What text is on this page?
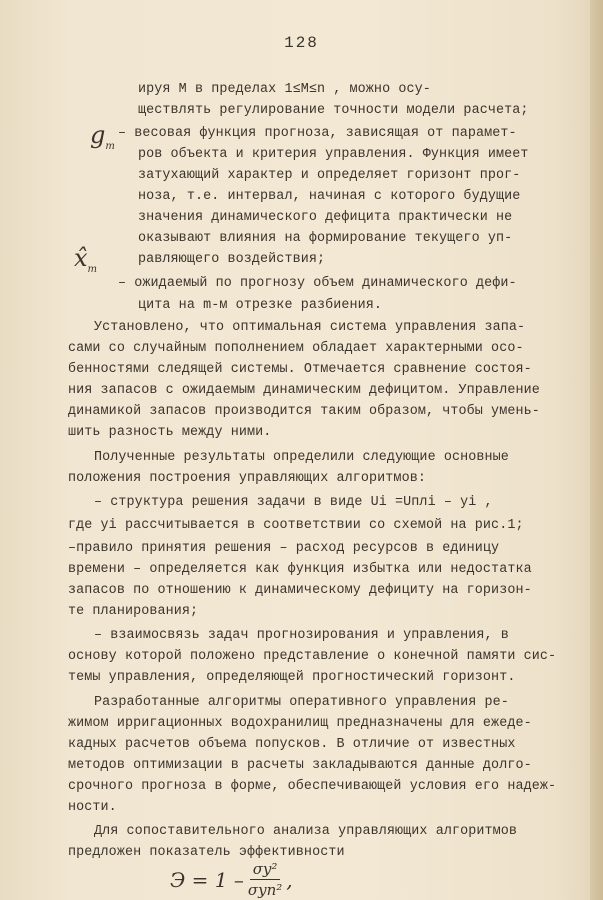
128
$g_m$
$x̂_m$
ируя M в пределах 1≤M≤n , можно осу-
ществлять регулирование точности модели расчета;
– весовая функция прогноза, зависящая от парамет-
ров объекта и критерия управления. Функция имеет
затухающий характер и определяет горизонт прог-
ноза, т.е. интервал, начиная с которого будущие
значения динамического дефицита практически не
оказывают влияния на формирование текущего уп-
равляющего воздействия;
– ожидаемый по прогнозу объем динамического дефи-
цита на m-м отрезке разбиения.
Установлено, что оптимальная система управления запа-
сами со случайным пополнением обладает характерными осо-
бенностями следящей системы. Отмечается сравнение состоя-
ния запасов с ожидаемым динамическим дефицитом. Управление
динамикой запасов производится таким образом, чтобы умень-
шить разность между ними.
Полученные результаты определили следующие основные
положения построения управляющих алгоритмов:
– структура решения задачи в виде Ui =Uплi – yi ,
где yi рассчитывается в соответствии со схемой на рис.1;
–правило принятия решения – расход ресурсов в единицу
времени – определяется как функция избытка или недостатка
запасов по отношению к динамическому дефициту на горизон-
те планирования;
– взаимосвязь задач прогнозирования и управления, в
основу которой положено представление о конечной памяти сис-
темы управления, определяющей прогностический горизонт.
Разработанные алгоритмы оперативного управления ре-
жимом ирригационных водохранилищ предназначены для ежеде-
кадных расчетов объема попусков. В отличие от известных
методов оптимизации в расчеты закладываются данные долго-
срочного прогноза в форме, обеспечивающей условия его надеж-
ности.
Для сопоставительного анализа управляющих алгоритмов
предложен показатель эффективности
$Э = 1 - \frac{\text{σy²}}{\text{σyп²}}$ ,
